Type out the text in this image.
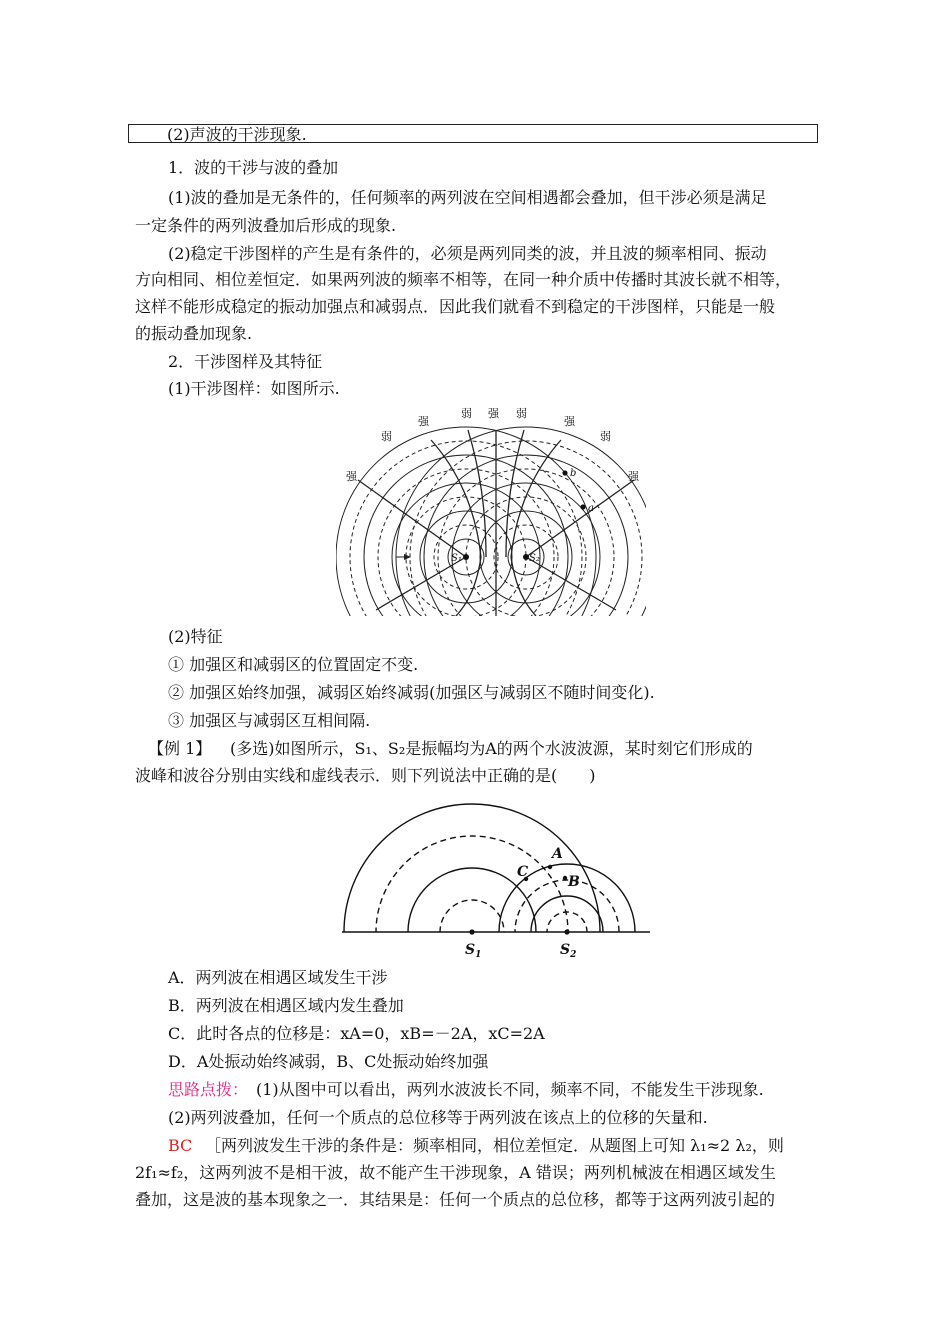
(2)声波的干涉现象.
1．波的干涉与波的叠加
(1)波的叠加是无条件的，任何频率的两列波在空间相遇都会叠加，但干涉必须是满足
一定条件的两列波叠加后形成的现象.
(2)稳定干涉图样的产生是有条件的，必须是两列同类的波，并且波的频率相同、振动
方向相同、相位差恒定．如果两列波的频率不相等，在同一种介质中传播时其波长就不相等，
这样不能形成稳定的振动加强点和减弱点．因此我们就看不到稳定的干涉图样，只能是一般
的振动叠加现象.
2．干涉图样及其特征
(1)干涉图样：如图所示.
强
弱 强 弱
强
弱	弱
强	强
S₁	S₂
b
a
(2)特征
① 加强区和减弱区的位置固定不变.
② 加强区始终加强，减弱区始终减弱(加强区与减弱区不随时间变化).
③ 加强区与减弱区互相间隔.
【例 1】 (多选)如图所示，S₁、S₂是振幅均为A的两个水波波源，某时刻它们形成的
波峰和波谷分别由实线和虚线表示．则下列说法中正确的是(　　)
A
B
C
$S_1$	$S_2$
A．两列波在相遇区域发生干涉
B．两列波在相遇区域内发生叠加
C．此时各点的位移是：xA=0，xB=－2A，xC=2A
D．A处振动始终减弱，B、C处振动始终加强
思路点拨： (1)从图中可以看出，两列水波波长不同，频率不同，不能发生干涉现象.
(2)两列波叠加，任何一个质点的总位移等于两列波在该点上的位移的矢量和.
BC ［两列波发生干涉的条件是：频率相同，相位差恒定．从题图上可知 λ₁≈2 λ₂，则
2f₁≈f₂，这两列波不是相干波，故不能产生干涉现象，A 错误；两列机械波在相遇区域发生
叠加，这是波的基本现象之一．其结果是：任何一个质点的总位移，都等于这两列波引起的
